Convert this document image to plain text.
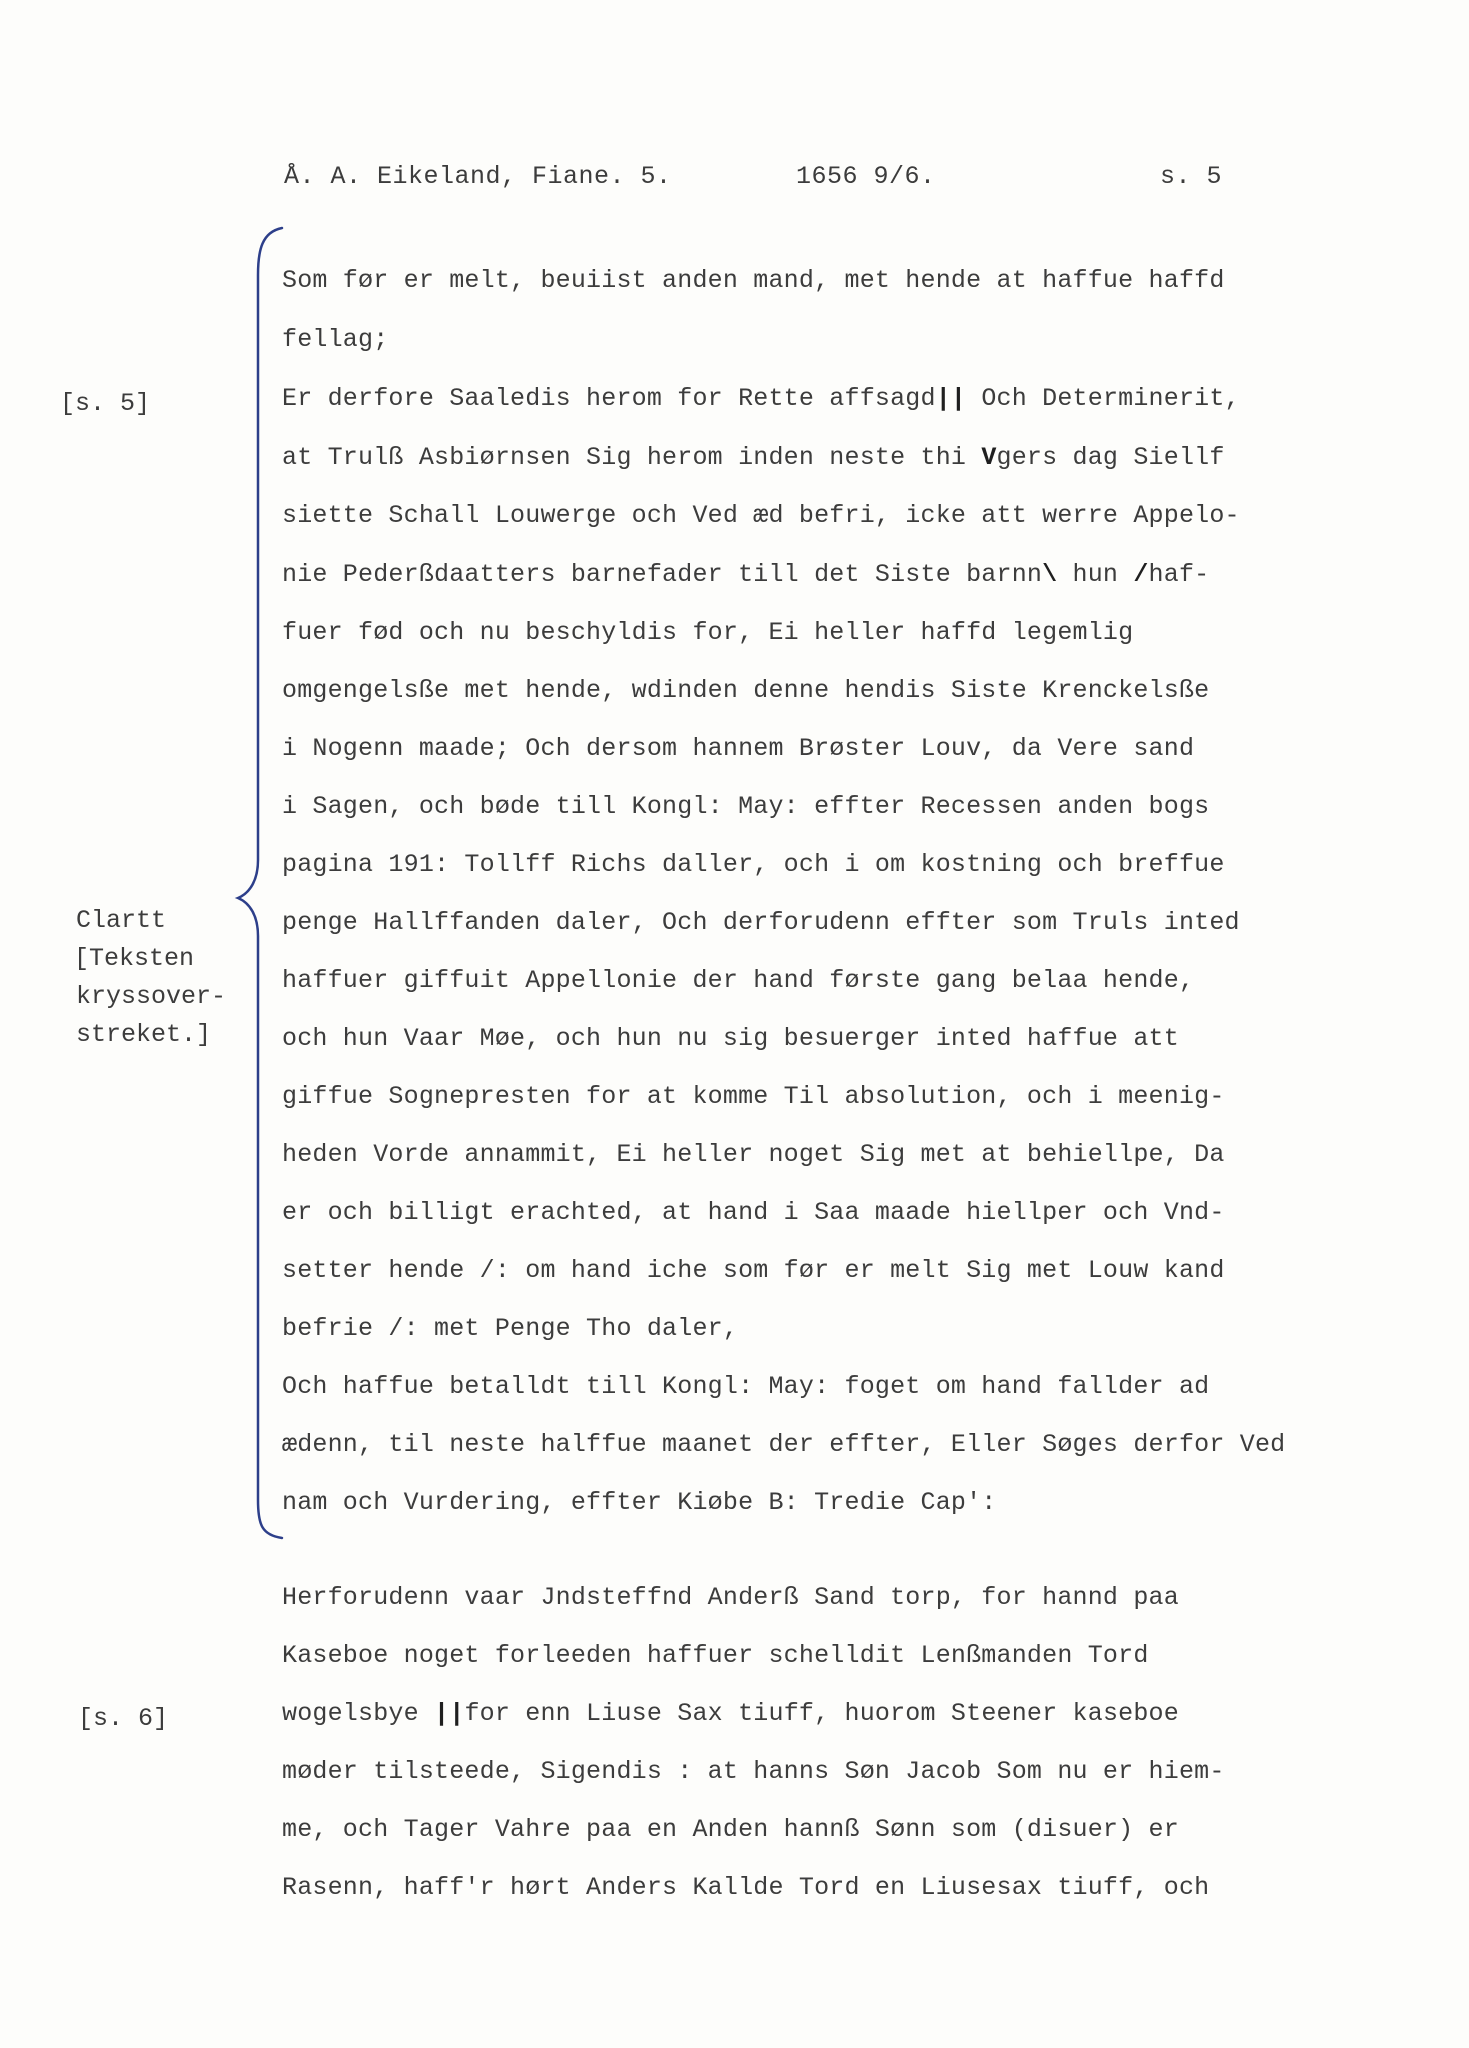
Å. A. Eikeland, Fiane. 5.	1656 9/6.	s. 5
[s. 5]
Clartt
[Teksten
kryssover-
streket.]
[s. 6]
Som før er melt, beuiist anden mand, met hende at haffue haffd
fellag;
Er derfore Saaledis herom for Rette affsagd|| Och Determinerit,
at Trulß Asbiørnsen Sig herom inden neste thi Vgers dag Siellf
siette Schall Louwerge och Ved æd befri, icke att werre Appelo-
nie Pederßdaatters barnefader till det Siste barnn\ hun /haf-
fuer fød och nu beschyldis for, Ei heller haffd legemlig
omgengelsße met hende, wdinden denne hendis Siste Krenckelsße
i Nogenn maade; Och dersom hannem Brøster Louv, da Vere sand
i Sagen, och bøde till Kongl: May: effter Recessen anden bogs
pagina 191: Tollff Richs daller, och i om kostning och breffue
penge Hallffanden daler, Och derforudenn effter som Truls inted
haffuer giffuit Appellonie der hand første gang belaa hende,
och hun Vaar Møe, och hun nu sig besuerger inted haffue att
giffue Sognepresten for at komme Til absolution, och i meenig-
heden Vorde annammit, Ei heller noget Sig met at behiellpe, Da
er och billigt erachted, at hand i Saa maade hiellper och Vnd-
setter hende /: om hand iche som før er melt Sig met Louw kand
befrie /: met Penge Tho daler,
Och haffue betalldt till Kongl: May: foget om hand fallder ad
ædenn, til neste halffue maanet der effter, Eller Søges derfor Ved
nam och Vurdering, effter Kiøbe B: Tredie Cap':
Herforudenn vaar Jndsteffnd Anderß Sand torp, for hannd paa
Kaseboe noget forleeden haffuer schelldit Lenßmanden Tord
wogelsbye ||for enn Liuse Sax tiuff, huorom Steener kaseboe
møder tilsteede, Sigendis : at hanns Søn Jacob Som nu er hiem-
me, och Tager Vahre paa en Anden hannß Sønn som (disuer) er
Rasenn, haff'r hørt Anders Kallde Tord en Liusesax tiuff, och
